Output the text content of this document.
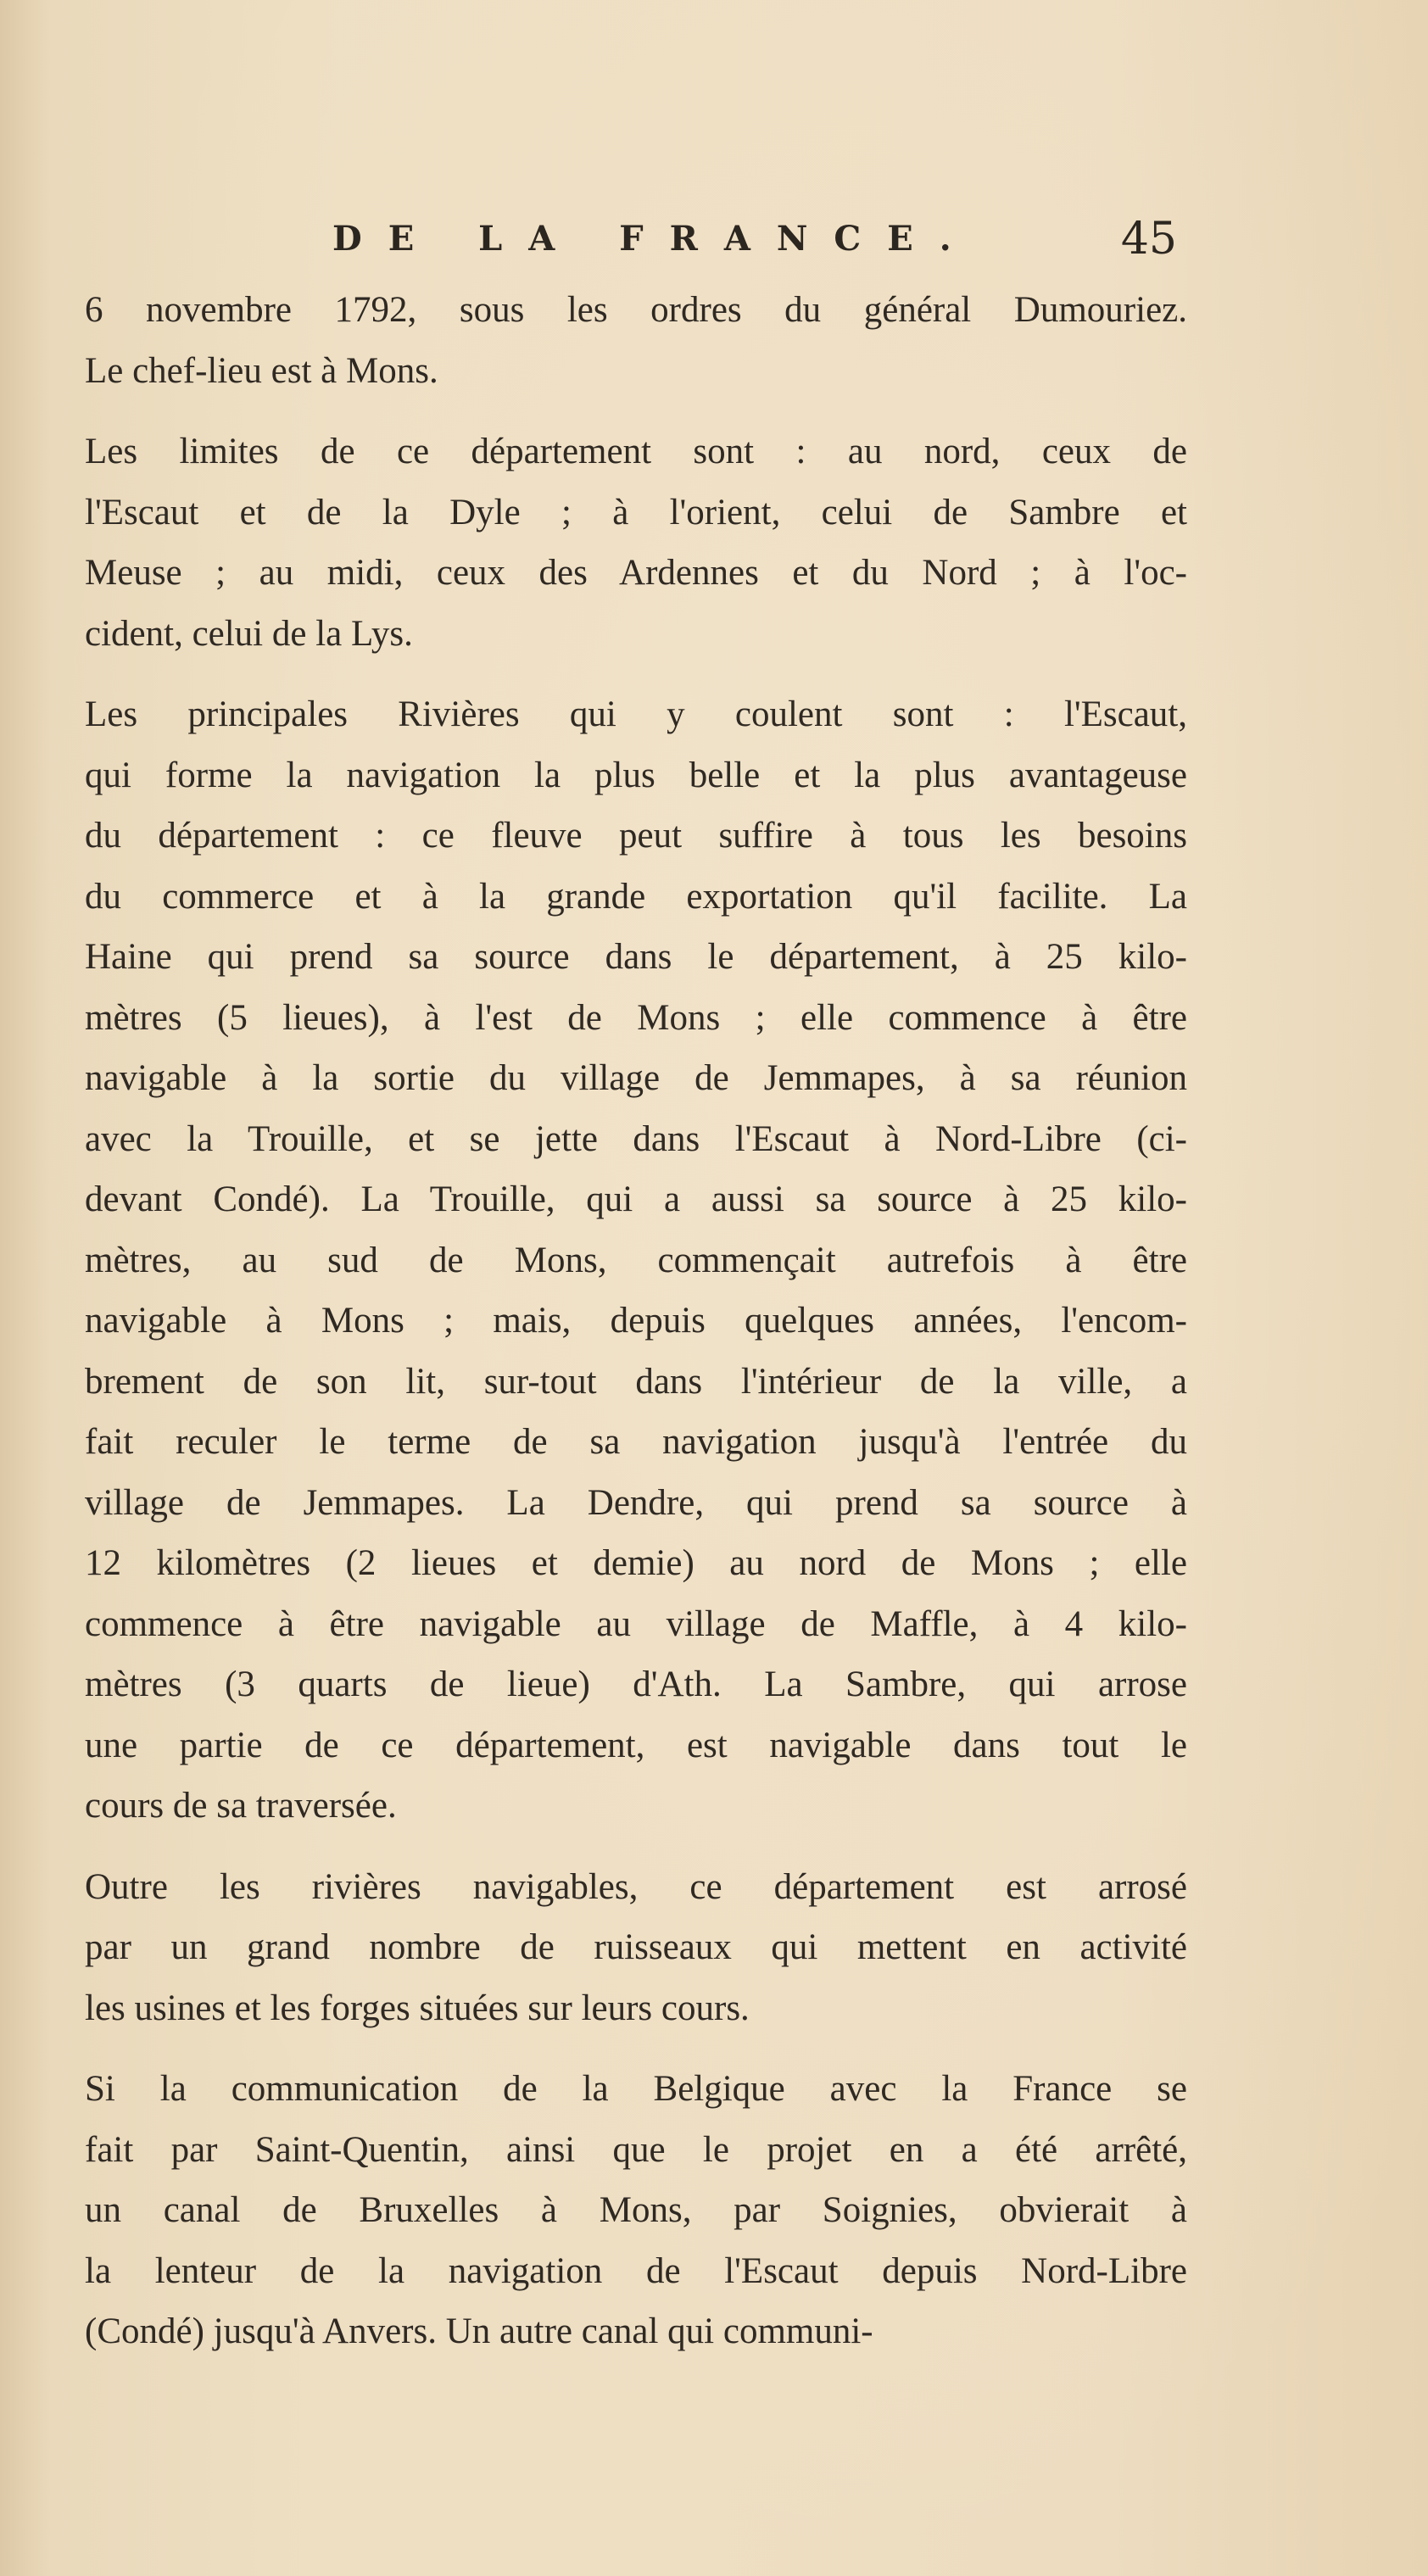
DE LA FRANCE.	45
6 novembre 1792, sous les ordres du général Dumouriez.
Le chef-lieu est à Mons.
Les limites de ce département sont : au nord, ceux de
l'Escaut et de la Dyle ; à l'orient, celui de Sambre et
Meuse ; au midi, ceux des Ardennes et du Nord ; à l'oc-
cident, celui de la Lys.
Les principales Rivières qui y coulent sont : l'Escaut,
qui forme la navigation la plus belle et la plus avantageuse
du département : ce fleuve peut suffire à tous les besoins
du commerce et à la grande exportation qu'il facilite. La
Haine qui prend sa source dans le département, à 25 kilo-
mètres (5 lieues), à l'est de Mons ; elle commence à être
navigable à la sortie du village de Jemmapes, à sa réunion
avec la Trouille, et se jette dans l'Escaut à Nord-Libre (ci-
devant Condé). La Trouille, qui a aussi sa source à 25 kilo-
mètres, au sud de Mons, commençait autrefois à être
navigable à Mons ; mais, depuis quelques années, l'encom-
brement de son lit, sur-tout dans l'intérieur de la ville, a
fait reculer le terme de sa navigation jusqu'à l'entrée du
village de Jemmapes. La Dendre, qui prend sa source à
12 kilomètres (2 lieues et demie) au nord de Mons ; elle
commence à être navigable au village de Maffle, à 4 kilo-
mètres (3 quarts de lieue) d'Ath. La Sambre, qui arrose
une partie de ce département, est navigable dans tout le
cours de sa traversée.
Outre les rivières navigables, ce département est arrosé
par un grand nombre de ruisseaux qui mettent en activité
les usines et les forges situées sur leurs cours.
Si la communication de la Belgique avec la France se
fait par Saint-Quentin, ainsi que le projet en a été arrêté,
un canal de Bruxelles à Mons, par Soignies, obvierait à
la lenteur de la navigation de l'Escaut depuis Nord-Libre
(Condé) jusqu'à Anvers. Un autre canal qui communi-
